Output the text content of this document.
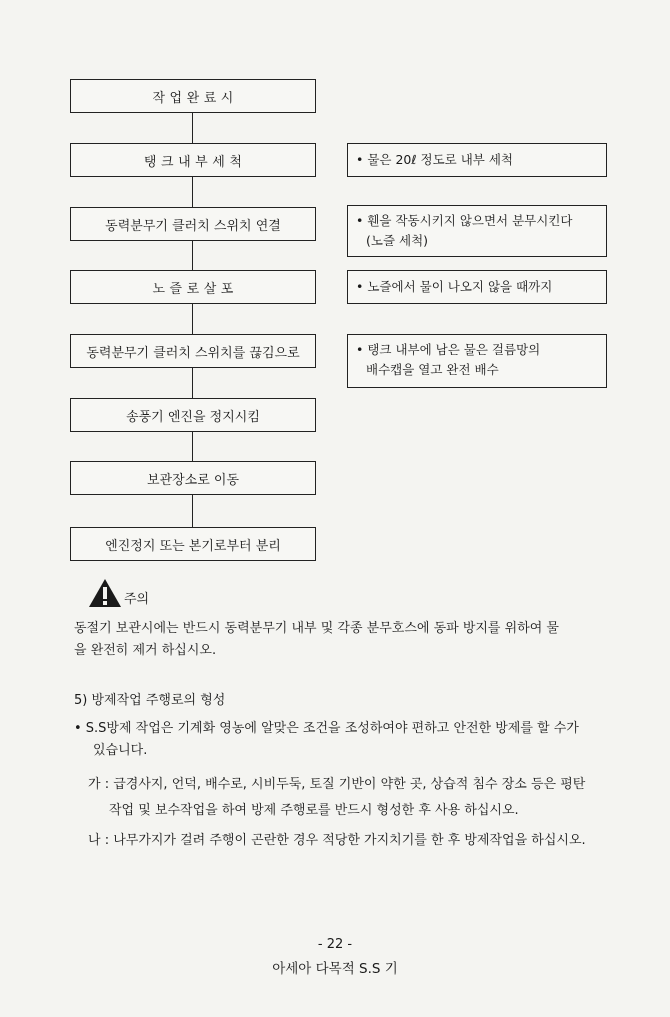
작 업 완 료 시
탱 크 내 부 세 척
동력분무기 클러치 스위치 연결
노 즐 로 살 포
동력분무기 클러치 스위치를 끊김으로
송풍기 엔진을 정지시킴
보관장소로 이동
엔진정지 또는 본기로부터 분리
• 물은 20ℓ 정도로 내부 세척
• 휀을 작동시키지 않으면서 분무시킨다
(노즐 세척)
• 노즐에서 물이 나오지 않을 때까지
• 탱크 내부에 남은 물은 걸름망의
배수캡을 열고 완전 배수
주의
동절기 보관시에는 반드시 동력분무기 내부 및 각종 분무호스에 동파 방지를 위하여 물
을 완전히 제거 하십시오.
5) 방제작업 주행로의 형성
• S.S방제 작업은 기계화 영농에 알맞은 조건을 조성하여야 편하고 안전한 방제를 할 수가
있습니다.
가 : 급경사지, 언덕, 배수로, 시비두둑, 토질 기반이 약한 곳, 상습적 침수 장소 등은 평탄
작업 및 보수작업을 하여 방제 주행로를 반드시 형성한 후 사용 하십시오.
나 : 나무가지가 걸려 주행이 곤란한 경우 적당한 가지치기를 한 후 방제작업을 하십시오.
- 22 -
아세아 다목적 S.S 기
